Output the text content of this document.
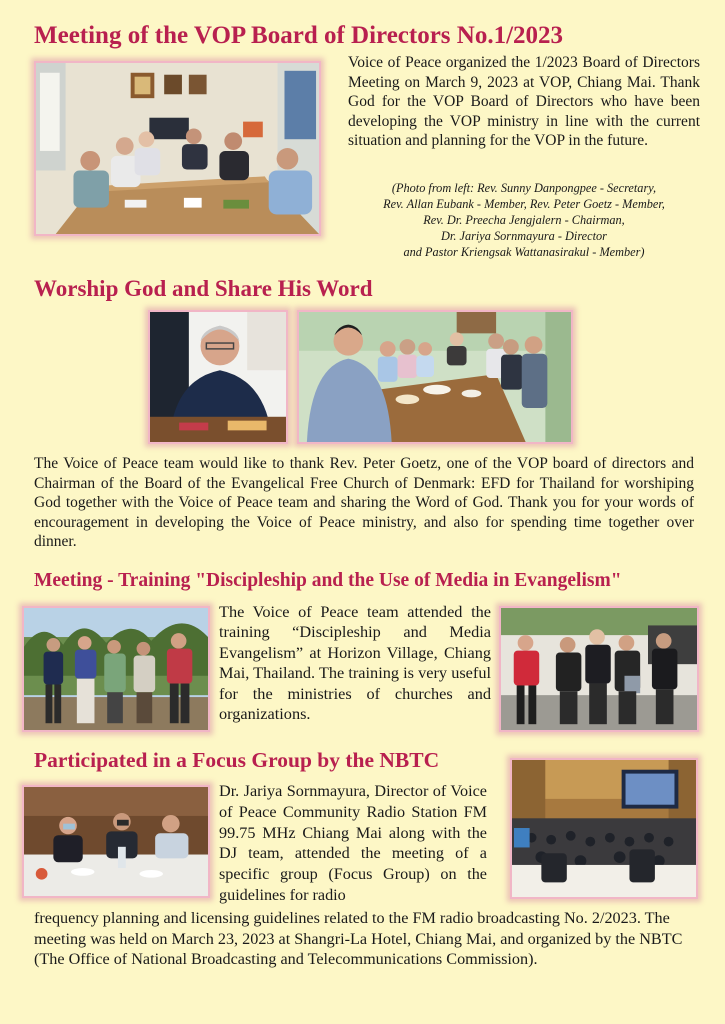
Meeting of the VOP Board of Directors No.1/2023

Voice of Peace organized the 1/2023 Board of Directors Meeting on March 9, 2023 at VOP, Chiang Mai. Thank God for the VOP Board of Directors who have been developing the VOP ministry in line with the current situation and planning for the VOP in the future.

(Photo from left: Rev. Sunny Danpongpee - Secretary,
Rev. Allan Eubank - Member, Rev. Peter Goetz - Member,
Rev. Dr. Preecha Jengjalern - Chairman,
Dr. Jariya Sornmayura - Director
and Pastor Kriengsak Wattanasirakul - Member)
Worship God and Share His Word

The Voice of Peace team would like to thank Rev. Peter Goetz, one of the VOP board of directors and Chairman of the Board of the Evangelical Free Church of Denmark: EFD for Thailand for worshiping God together with the Voice of Peace team and sharing the Word of God. Thank you for your words of encouragement in developing the Voice of Peace ministry, and also for spending time together over dinner.

Meeting - Training "Discipleship and the Use of Media in Evangelism"

The Voice of Peace team attended the training “Discipleship and Media Evangelism” at Horizon Village, Chiang Mai, Thailand. The training is very useful for the ministries of churches and organizations.

Participated in a Focus Group by the NBTC

Dr. Jariya Sornmayura, Director of Voice of Peace Community Radio Station FM 99.75 MHz Chiang Mai along with the DJ team, attended the meeting of a specific group (Focus Group) on the guidelines for radio

frequency planning and licensing guidelines related to the FM radio broadcasting No. 2/2023. The meeting was held on March 23, 2023 at Shangri-La Hotel, Chiang Mai, and organized by the NBTC (The Office of National Broadcasting and Telecommunications Commission).
